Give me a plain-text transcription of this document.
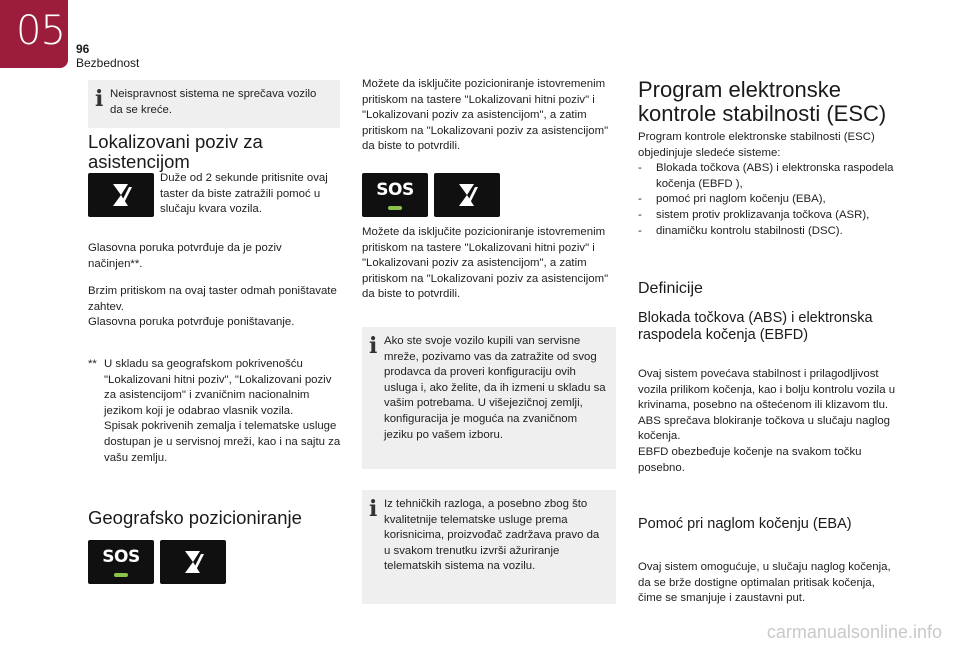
05 96
Bezbednost
i Neispravnost sistema ne sprečava vozilo da se kreće.
Lokalizovani poziv za asistencijom
Duže od 2 sekunde pritisnite ovaj taster da biste zatražili pomoć u slučaju kvara vozila.
Glasovna poruka potvrđuje da je poziv načinjen**.

Brzim pritiskom na ovaj taster odmah poništavate zahtev.

Glasovna poruka potvrđuje poništavanje.

** U skladu sa geografskom pokrivenošću "Lokalizovani hitni poziv", "Lokalizovani poziv za asistencijom" i zvaničnim nacionalnim jezikom koji je odabrao vlasnik vozila.

Spisak pokrivenih zemalja i telematske usluge dostupan je u servisnoj mreži, kao i na sajtu za vašu zemlju.

Geografsko pozicioniranje
SOS
Možete da isključite pozicioniranje istovremenim pritiskom na tastere "Lokalizovani hitni poziv" i "Lokalizovani poziv za asistencijom", a zatim pritiskom na "Lokalizovani poziv za asistencijom" da biste to potvrdili.
SOS
Možete da isključite pozicioniranje istovremenim pritiskom na tastere "Lokalizovani hitni poziv" i "Lokalizovani poziv za asistencijom", a zatim pritiskom na "Lokalizovani poziv za asistencijom" da biste to potvrdili.
i Ako ste svoje vozilo kupili van servisne mreže, pozivamo vas da zatražite od svog prodavca da proveri konfiguraciju ovih usluga i, ako želite, da ih izmeni u skladu sa vašim potrebama. U višejezičnoj zemlji, konfiguracija je moguća na zvaničnom jeziku po vašem izboru.
i Iz tehničkih razloga, a posebno zbog što kvalitetnije telematske usluge prema korisnicima, proizvođač zadržava pravo da u svakom trenutku izvrši ažuriranje telematskih sistema na vozilu.
Program elektronske kontrole stabilnosti (ESC)

Program kontrole elektronske stabilnosti (ESC) objedinjuje sledeće sisteme:

- Blokada točkova (ABS) i elektronska raspodela kočenja (EBFD ),
- pomoć pri naglom kočenju (EBA),
- sistem protiv proklizavanja točkova (ASR),
- dinamičku kontrolu stabilnosti (DSC).
Definicije
Blokada točkova (ABS) i elektronska raspodela kočenja (EBFD)

Ovaj sistem povećava stabilnost i prilagodljivost vozila prilikom kočenja, kao i bolju kontrolu vozila u krivinama, posebno na oštećenom ili klizavom tlu.

ABS sprečava blokiranje točkova u slučaju naglog kočenja.

EBFD obezbeđuje kočenje na svakom točku posebno.

Pomoć pri naglom kočenju (EBA)
Ovaj sistem omogućuje, u slučaju naglog kočenja, da se brže dostigne optimalan pritisak kočenja, čime se smanjuje i zaustavni put.
carmanualsonline.info
